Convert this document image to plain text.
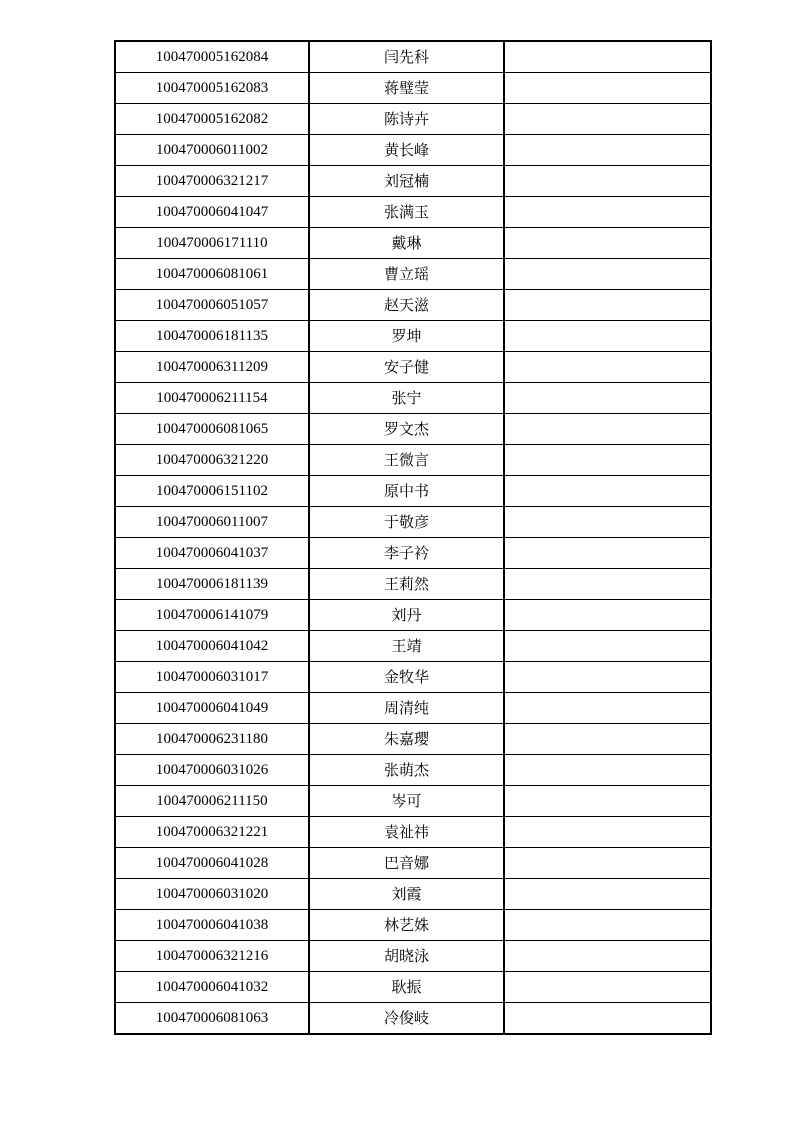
100470005162084	闫先科	
100470005162083	蒋璧莹	
100470005162082	陈诗卉	
100470006011002	黄长峰	
100470006321217	刘冠楠	
100470006041047	张满玉	
100470006171110	戴琳	
100470006081061	曹立瑶	
100470006051057	赵天滋	
100470006181135	罗坤	
100470006311209	安子健	
100470006211154	张宁	
100470006081065	罗文杰	
100470006321220	王微言	
100470006151102	原中书	
100470006011007	于敬彦	
100470006041037	李子衿	
100470006181139	王莉然	
100470006141079	刘丹	
100470006041042	王靖	
100470006031017	金牧华	
100470006041049	周清纯	
100470006231180	朱嘉璎	
100470006031026	张萌杰	
100470006211150	岑可	
100470006321221	袁祉祎	
100470006041028	巴音娜	
100470006031020	刘霞	
100470006041038	林艺姝	
100470006321216	胡晓泳	
100470006041032	耿振	
100470006081063	冷俊岐	
